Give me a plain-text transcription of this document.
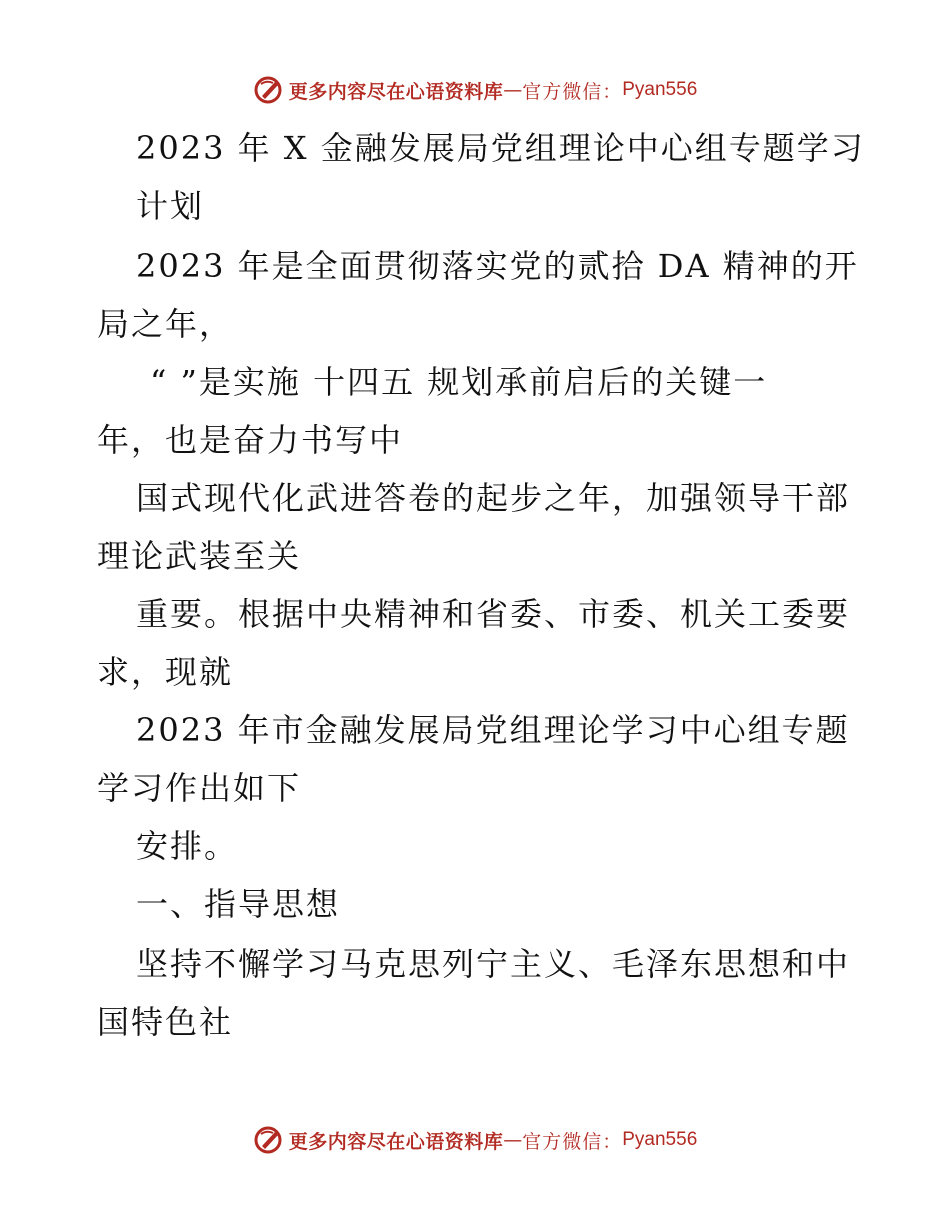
更多内容尽在心语资料库 — 官方微信： Pyan556
2023 年 X 金融发展局党组理论中心组专题学习
计划
2023 年是全面贯彻落实党的贰拾 DA 精神的开
局之年，
“ ”是实施 十四五 规划承前启后的关键一
年，也是奋力书写中
国式现代化武进答卷的起步之年，加强领导干部
理论武装至关
重要。根据中央精神和省委、市委、机关工委要
求，现就
2023 年市金融发展局党组理论学习中心组专题
学习作出如下
安排。
一、指导思想
坚持不懈学习马克思列宁主义、毛泽东思想和中
国特色社
更多内容尽在心语资料库 — 官方微信： Pyan556
